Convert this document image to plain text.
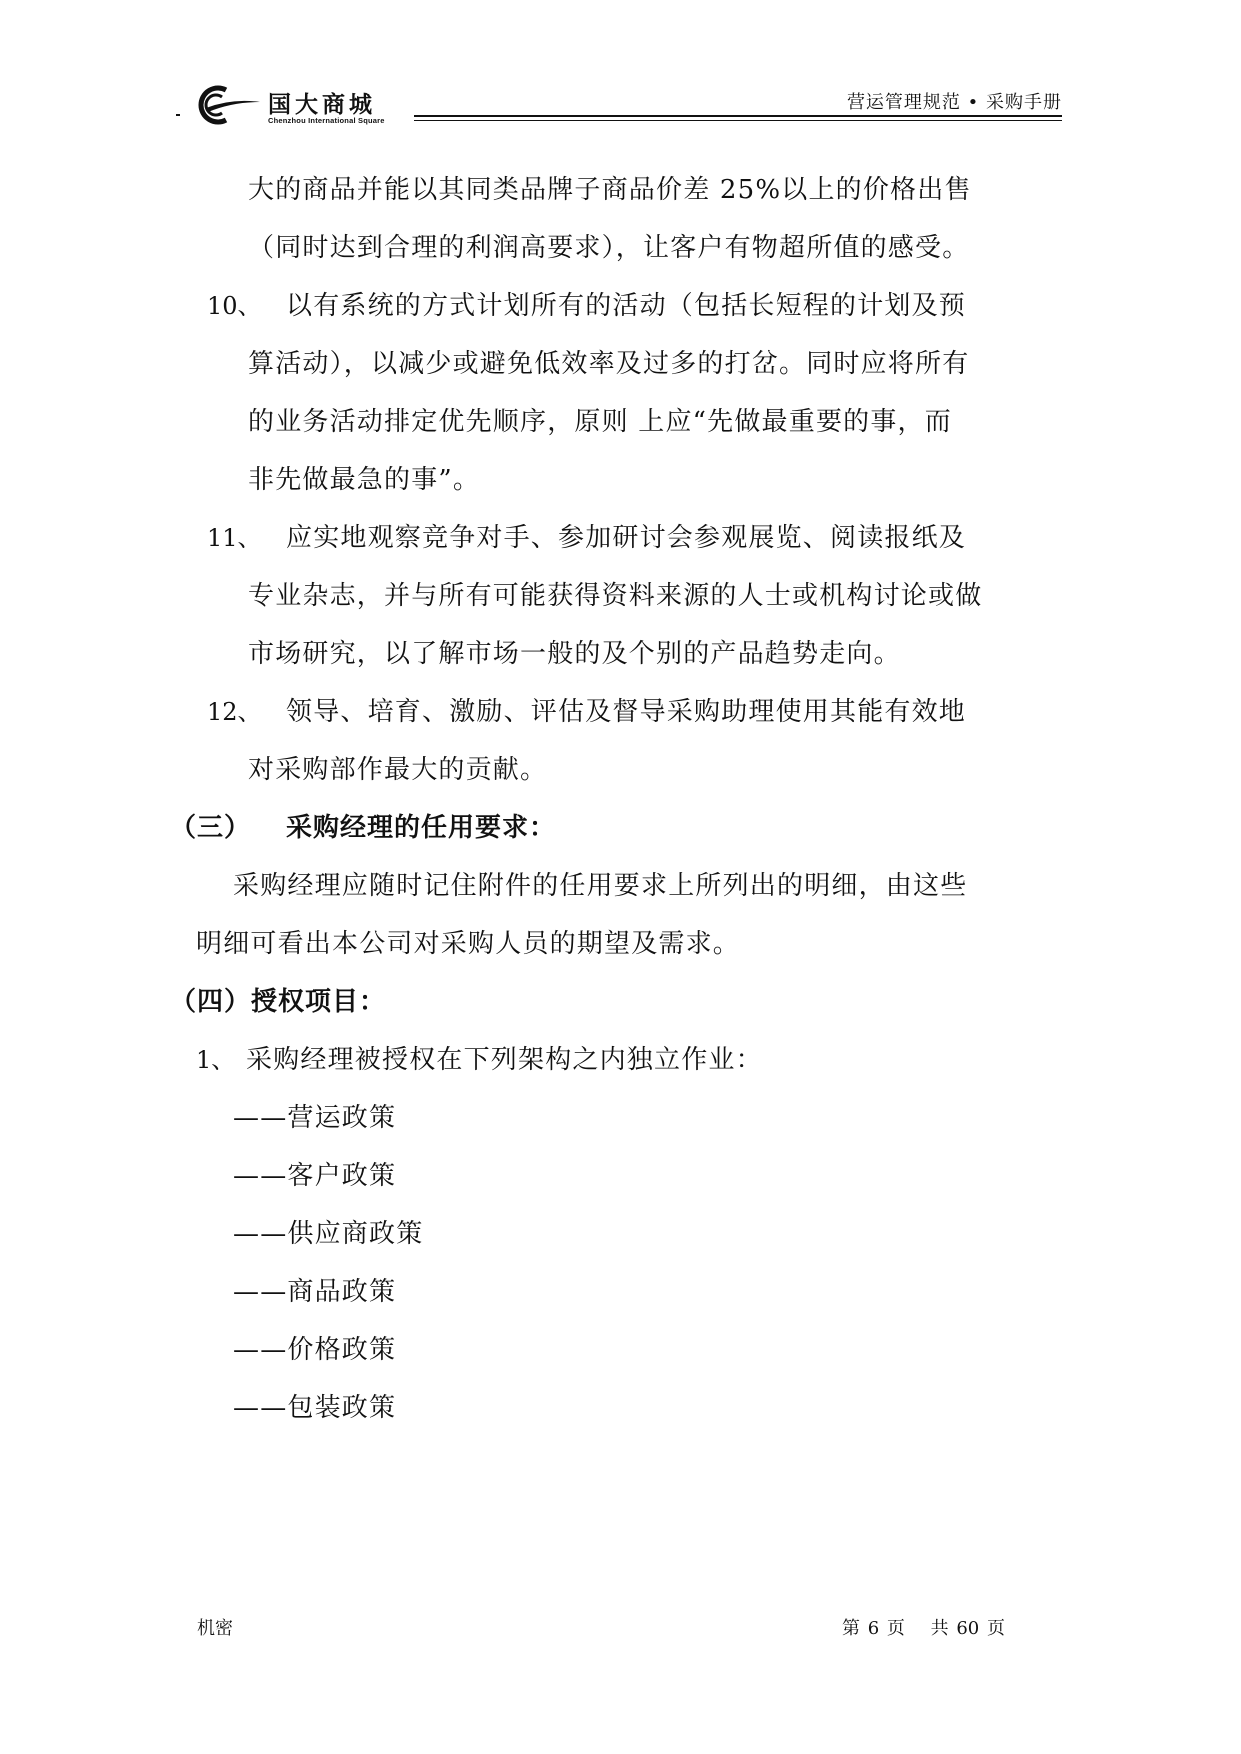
国大商城
Chenzhou International Square
营运管理规范 • 采购手册
大的商品并能以其同类品牌子商品价差 25%以上的价格出售
（同时达到合理的利润高要求），让客户有物超所值的感受。
10、 以有系统的方式计划所有的活动（包括长短程的计划及预
算活动），以减少或避免低效率及过多的打岔。同时应将所有
的业务活动排定优先顺序，原则 上应“先做最重要的事，而
非先做最急的事”。
11、 应实地观察竞争对手、参加研讨会参观展览、阅读报纸及
专业杂志，并与所有可能获得资料来源的人士或机构讨论或做
市场研究，以了解市场一般的及个别的产品趋势走向。
12、 领导、培育、激励、评估及督导采购助理使用其能有效地
对采购部作最大的贡献。
（三） 采购经理的任用要求：
采购经理应随时记住附件的任用要求上所列出的明细，由这些
明细可看出本公司对采购人员的期望及需求。
（四）授权项目：
1、 采购经理被授权在下列架构之内独立作业：
——营运政策
——客户政策
——供应商政策
——商品政策
——价格政策
——包装政策
机密	第 6 页　 共 60 页
